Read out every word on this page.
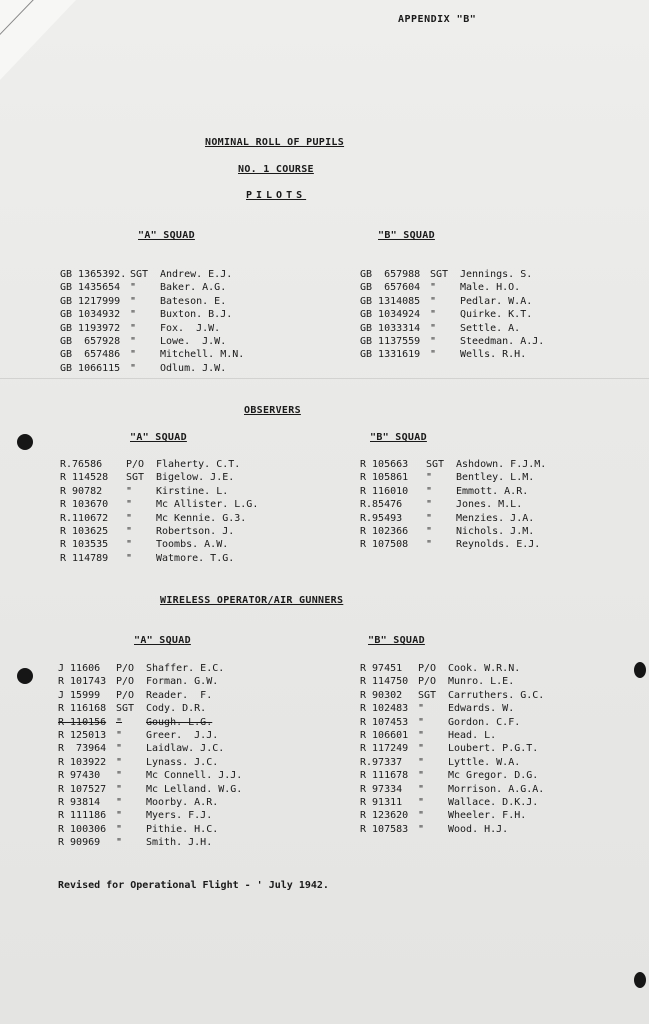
APPENDIX "B"
NOMINAL ROLL OF PUPILS
NO. 1 COURSE
PILOTS
"A" SQUAD	"B" SQUAD
GB 1365392. SGT	Andrew. E.J.
GB 1435654 "	Baker. A.G.
GB 1217999 "	Bateson. E.
GB 1034932 "	Buxton. B.J.
GB 1193972 "	Fox.  J.W.
GB  657928 "	Lowe.  J.W.
GB  657486 "	Mitchell. M.N.
GB 1066115 "	Odlum. J.W.
GB  657988 SGT	Jennings. S.
GB  657604 "	Male. H.O.
GB 1314085 "	Pedlar. W.A.
GB 1034924 "	Quirke. K.T.
GB 1033314 "	Settle. A.
GB 1137559 "	Steedman. A.J.
GB 1331619 "	Wells. R.H.
OBSERVERS
"A" SQUAD	"B" SQUAD
R.76586	P/O	Flaherty. C.T.
R 114528	SGT	Bigelow. J.E.
R 90782	"	Kirstine. L.
R 103670	"	Mc Allister. L.G.
R.110672	"	Mc Kennie. G.3.
R 103625	"	Robertson. J.
R 103535	"	Toombs. A.W.
R 114789	"	Watmore. T.G.
R 105663	SGT	Ashdown. F.J.M.
R 105861	"	Bentley. L.M.
R 116010	"	Emmott. A.R.
R.85476	"	Jones. M.L.
R.95493	"	Menzies. J.A.
R 102366	"	Nichols. J.M.
R 107508	"	Reynolds. E.J.
WIRELESS OPERATOR/AIR GUNNERS
"A" SQUAD	"B" SQUAD
J 11606	P/O	Shaffer. E.C.
R 101743 P/O	Forman. G.W.
J 15999	P/O	Reader.  F.
R 116168 SGT	Cody. D.R.
R 110156 "	Gough. L.G.
R 125013 "	Greer.  J.J.
R  73964 "	Laidlaw. J.C.
R 103922 "	Lynass. J.C.
R 97430	"	Mc Connell. J.J.
R 107527 "	Mc Lelland. W.G.
R 93814	"	Moorby. A.R.
R 111186 "	Myers. F.J.
R 100306 "	Pithie. H.C.
R 90969	"	Smith. J.H.
R 97451	P/O	Cook. W.R.N.
R 114750 P/O	Munro. L.E.
R 90302	SGT	Carruthers. G.C.
R 102483 "	Edwards. W.
R 107453 "	Gordon. C.F.
R 106601 "	Head. L.
R 117249 "	Loubert. P.G.T.
R.97337	"	Lyttle. W.A.
R 111678 "	Mc Gregor. D.G.
R 97334	"	Morrison. A.G.A.
R 91311	"	Wallace. D.K.J.
R 123620 "	Wheeler. F.H.
R 107583 "	Wood. H.J.
Revised for Operational Flight - ' July 1942.
